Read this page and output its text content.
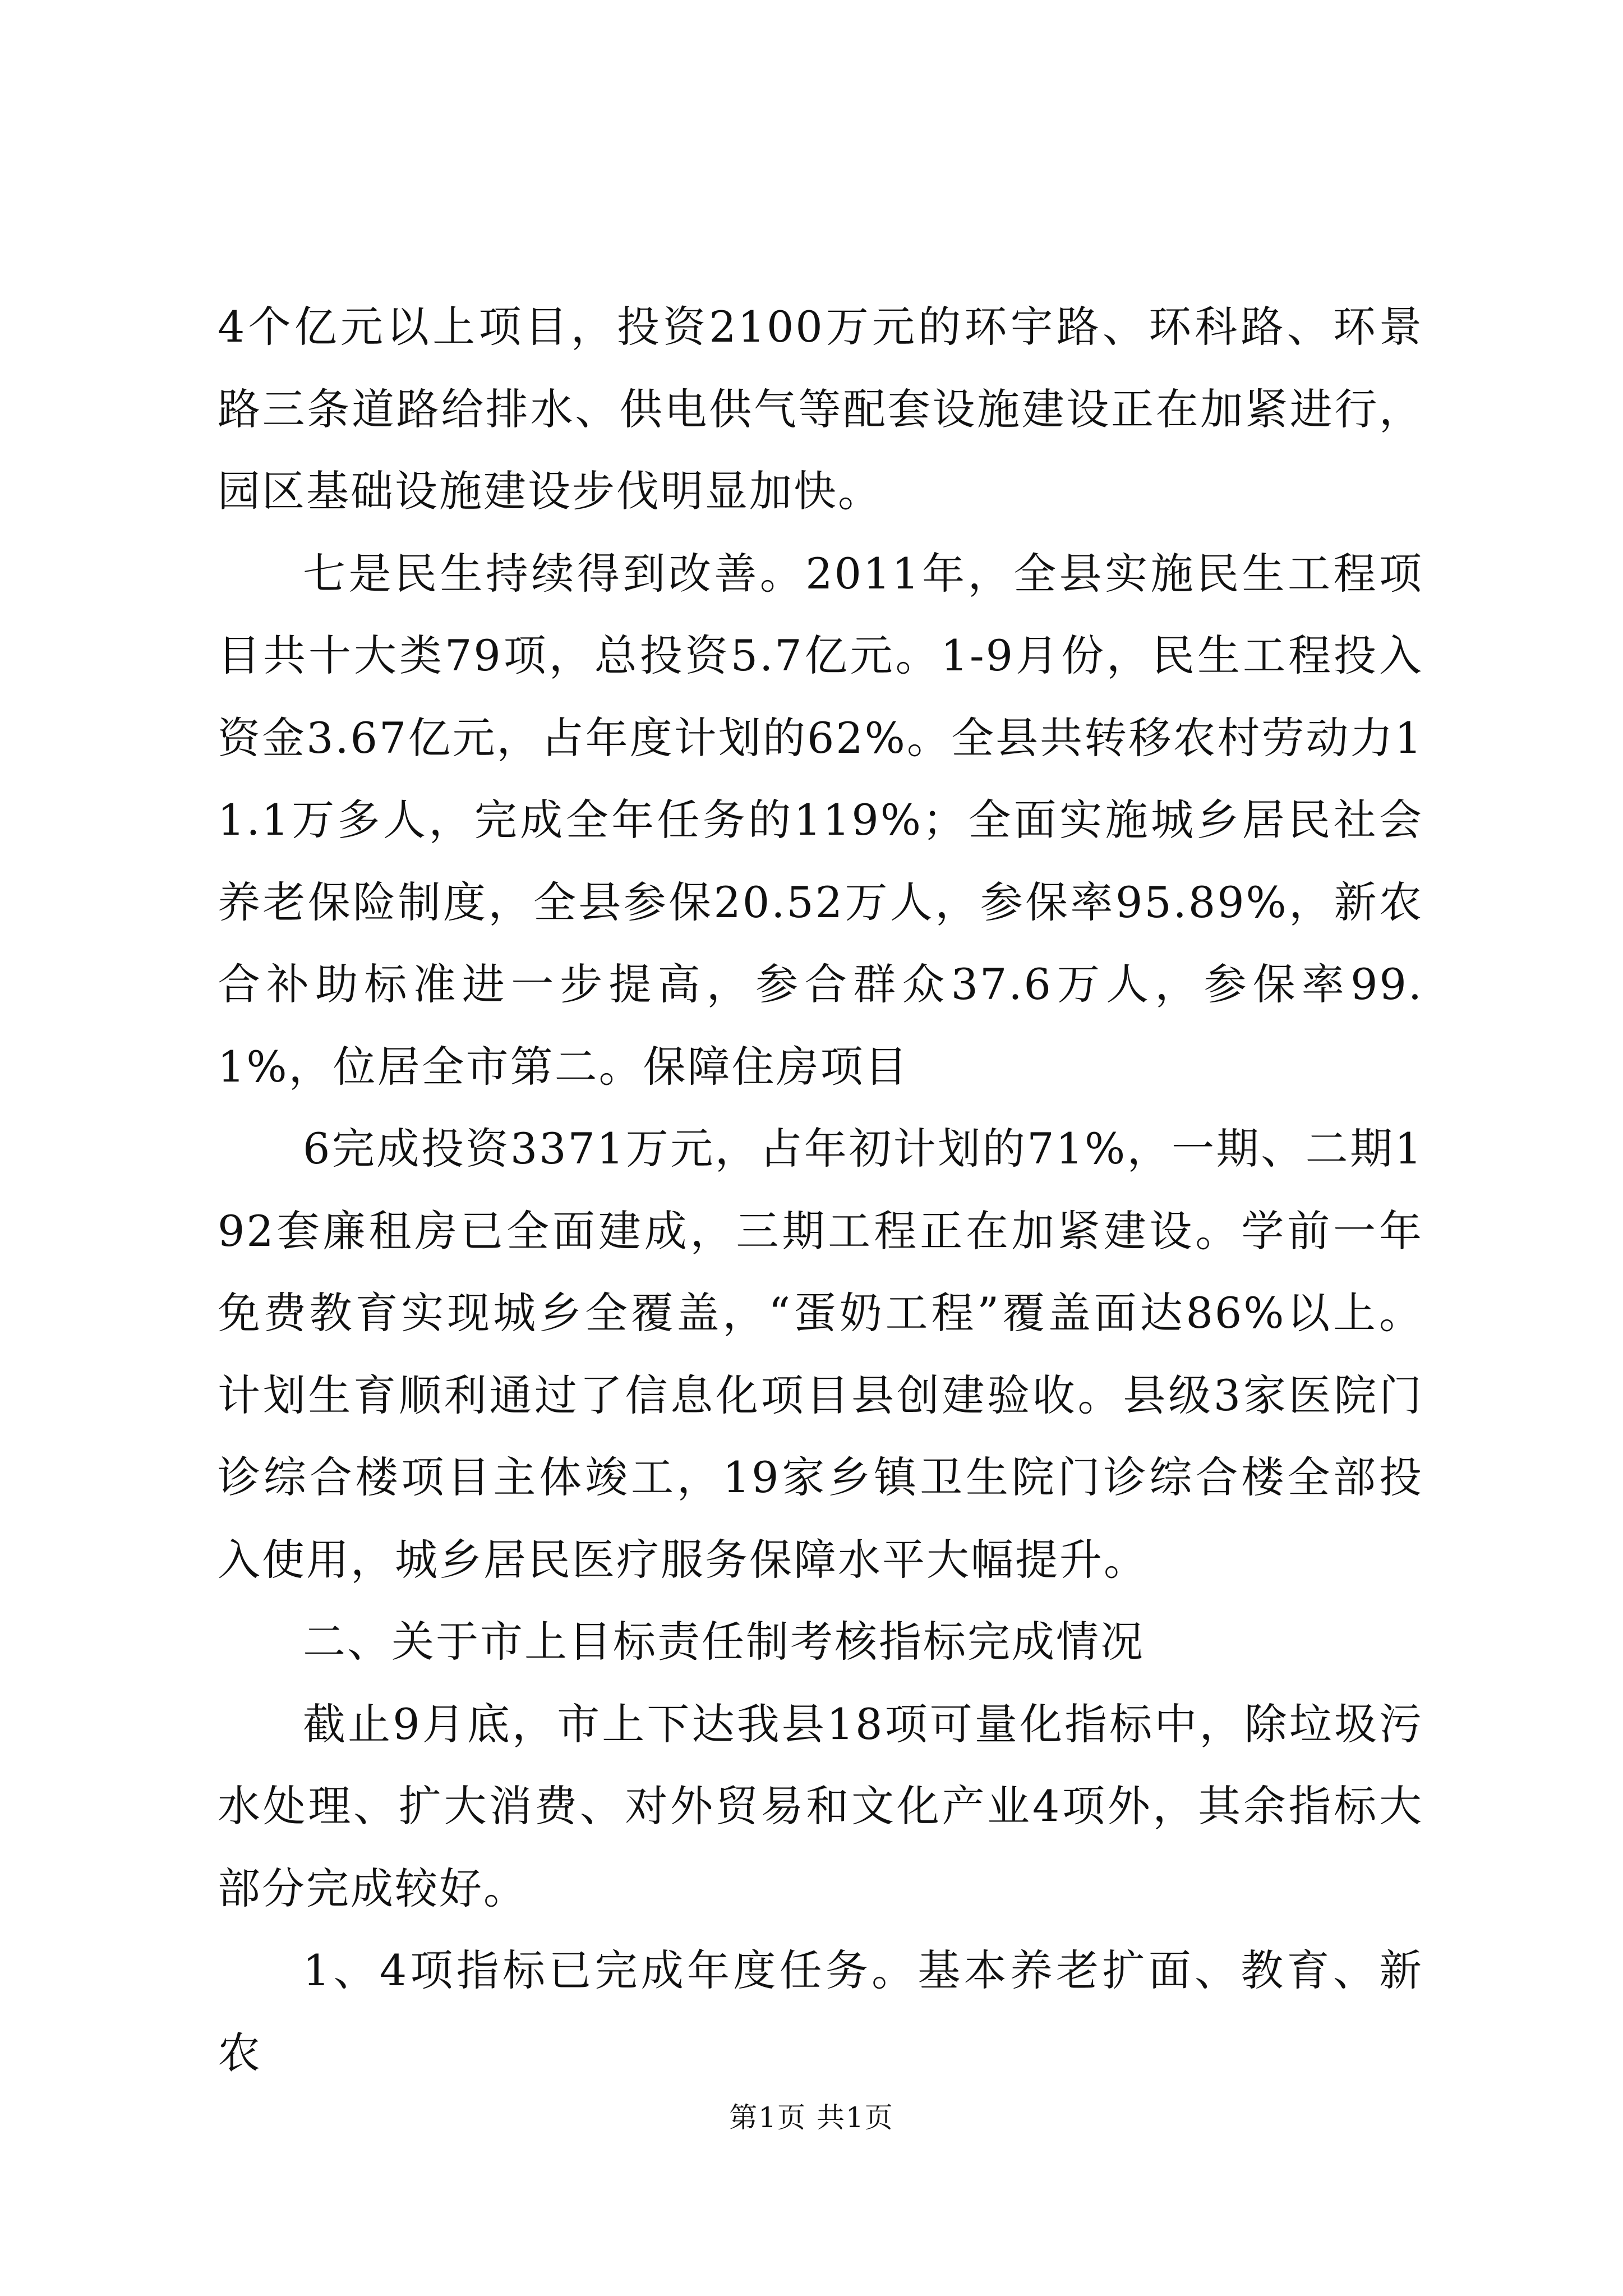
4个亿元以上项目，投资2100万元的环宇路、环科路、环景路三条道路给排水、供电供气等配套设施建设正在加紧进行，园区基础设施建设步伐明显加快。

七是民生持续得到改善。2011年，全县实施民生工程项目共十大类79项，总投资5.7亿元。1-9月份，民生工程投入资金3.67亿元，占年度计划的62%。全县共转移农村劳动力11.1万多人，完成全年任务的119%；全面实施城乡居民社会养老保险制度，全县参保20.52万人，参保率95.89%，新农合补助标准进一步提高，参合群众37.6万人，参保率99.1%，位居全市第二。保障住房项目

6完成投资3371万元，占年初计划的71%，一期、二期192套廉租房已全面建成，三期工程正在加紧建设。学前一年免费教育实现城乡全覆盖，“蛋奶工程”覆盖面达86%以上。计划生育顺利通过了信息化项目县创建验收。县级3家医院门诊综合楼项目主体竣工，19家乡镇卫生院门诊综合楼全部投入使用，城乡居民医疗服务保障水平大幅提升。

二、关于市上目标责任制考核指标完成情况

截止9月底，市上下达我县18项可量化指标中，除垃圾污水处理、扩大消费、对外贸易和文化产业4项外，其余指标大部分完成较好。

1、4项指标已完成年度任务。基本养老扩面、教育、新农

第1页 共1页
